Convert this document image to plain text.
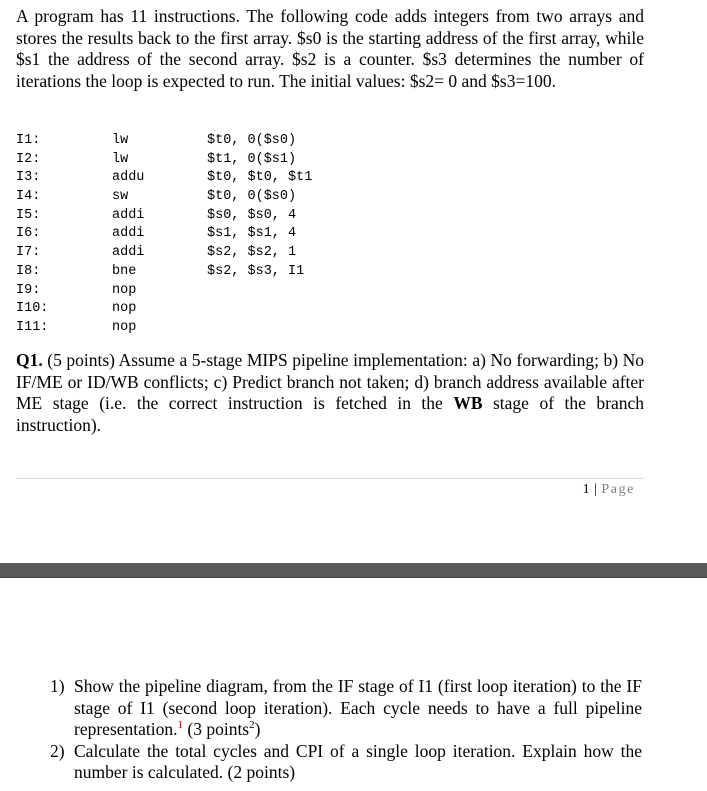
A program has 11 instructions. The following code adds integers from two arrays and stores the results back to the first array. $s0 is the starting address of the first array, while $s1 the address of the second array. $s2 is a counter. $s3 determines the number of iterations the loop is expected to run. The initial values: $s2= 0 and $s3=100.

I1:	lw	$t0, 0($s0)
I2:	lw	$t1, 0($s1)
I3:	addu	$t0, $t0, $t1
I4:	sw	$t0, 0($s0)
I5:	addi	$s0, $s0, 4
I6:	addi	$s1, $s1, 4
I7:	addi	$s2, $s2, 1
I8:	bne	$s2, $s3, I1
I9:	nop
I10:	nop
I11:	nop

Q1. (5 points) Assume a 5-stage MIPS pipeline implementation: a) No forwarding; b) No IF/ME or ID/WB conflicts; c) Predict branch not taken; d) branch address available after ME stage (i.e. the correct instruction is fetched in the WB stage of the branch instruction).

1 | Page
1) Show the pipeline diagram, from the IF stage of I1 (first loop iteration) to the IF stage of I1 (second loop iteration). Each cycle needs to have a full pipeline representation.$^1$ (3 points$^2$)
2) Calculate the total cycles and CPI of a single loop iteration. Explain how the number is calculated. (2 points)
